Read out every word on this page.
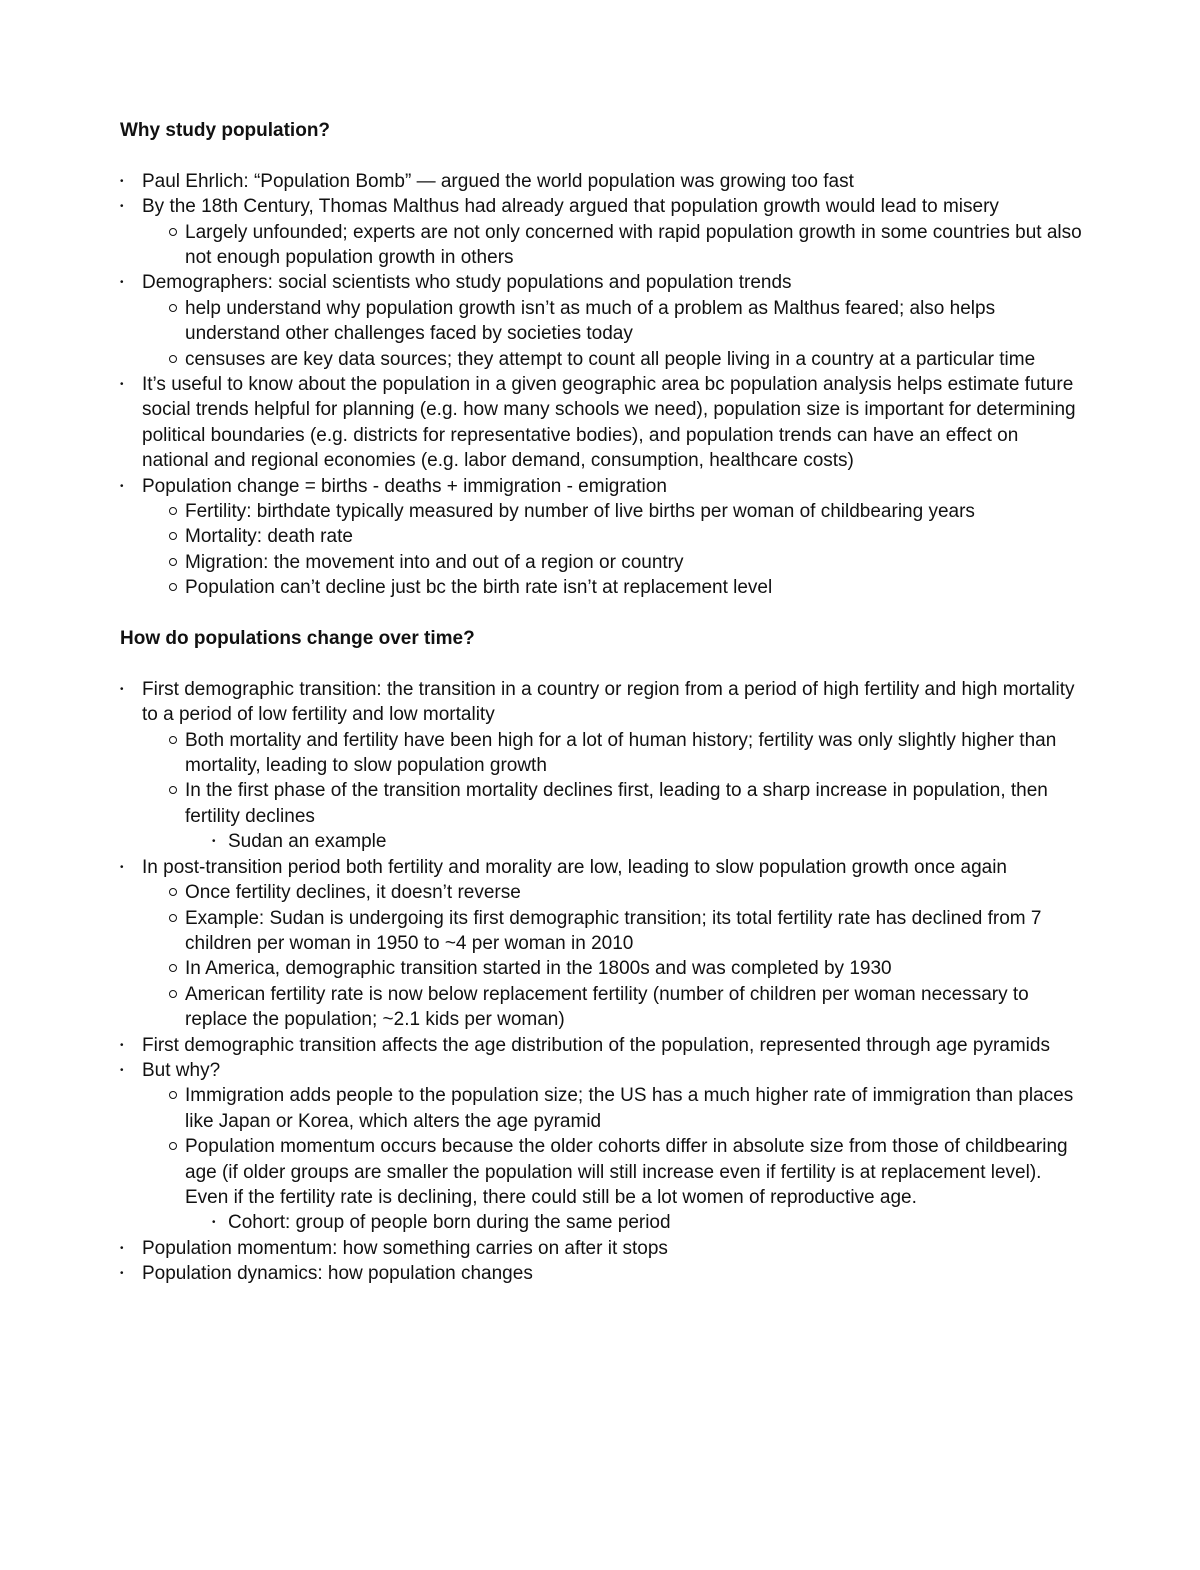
Why study population?
• Paul Ehrlich: “Population Bomb” — argued the world population was growing too fast
• By the 18th Century, Thomas Malthus had already argued that population growth would lead to misery
Largely unfounded; experts are not only concerned with rapid population growth in some countries but also not enough population growth in others
• Demographers: social scientists who study populations and population trends
help understand why population growth isn’t as much of a problem as Malthus feared; also helps understand other challenges faced by societies today
censuses are key data sources; they attempt to count all people living in a country at a particular time
• It’s useful to know about the population in a given geographic area bc population analysis helps estimate future social trends helpful for planning (e.g. how many schools we need), population size is important for determining political boundaries (e.g. districts for representative bodies), and population trends can have an effect on national and regional economies (e.g. labor demand, consumption, healthcare costs)
• Population change = births - deaths + immigration - emigration
Fertility: birthdate typically measured by number of live births per woman of childbearing years
Mortality: death rate
Migration: the movement into and out of a region or country
Population can’t decline just bc the birth rate isn’t at replacement level
How do populations change over time?
• First demographic transition: the transition in a country or region from a period of high fertility and high mortality to a period of low fertility and low mortality
Both mortality and fertility have been high for a lot of human history; fertility was only slightly higher than mortality, leading to slow population growth
In the first phase of the transition mortality declines first, leading to a sharp increase in population, then fertility declines
• Sudan an example
• In post-transition period both fertility and morality are low, leading to slow population growth once again
Once fertility declines, it doesn’t reverse
Example: Sudan is undergoing its first demographic transition; its total fertility rate has declined from 7 children per woman in 1950 to ~4 per woman in 2010
In America, demographic transition started in the 1800s and was completed by 1930
American fertility rate is now below replacement fertility (number of children per woman necessary to replace the population; ~2.1 kids per woman)
• First demographic transition affects the age distribution of the population, represented through age pyramids
• But why?
Immigration adds people to the population size; the US has a much higher rate of immigration than places like Japan or Korea, which alters the age pyramid
Population momentum occurs because the older cohorts differ in absolute size from those of childbearing age (if older groups are smaller the population will still increase even if fertility is at replacement level). Even if the fertility rate is declining, there could still be a lot women of reproductive age.
• Cohort: group of people born during the same period
• Population momentum: how something carries on after it stops
• Population dynamics: how population changes
